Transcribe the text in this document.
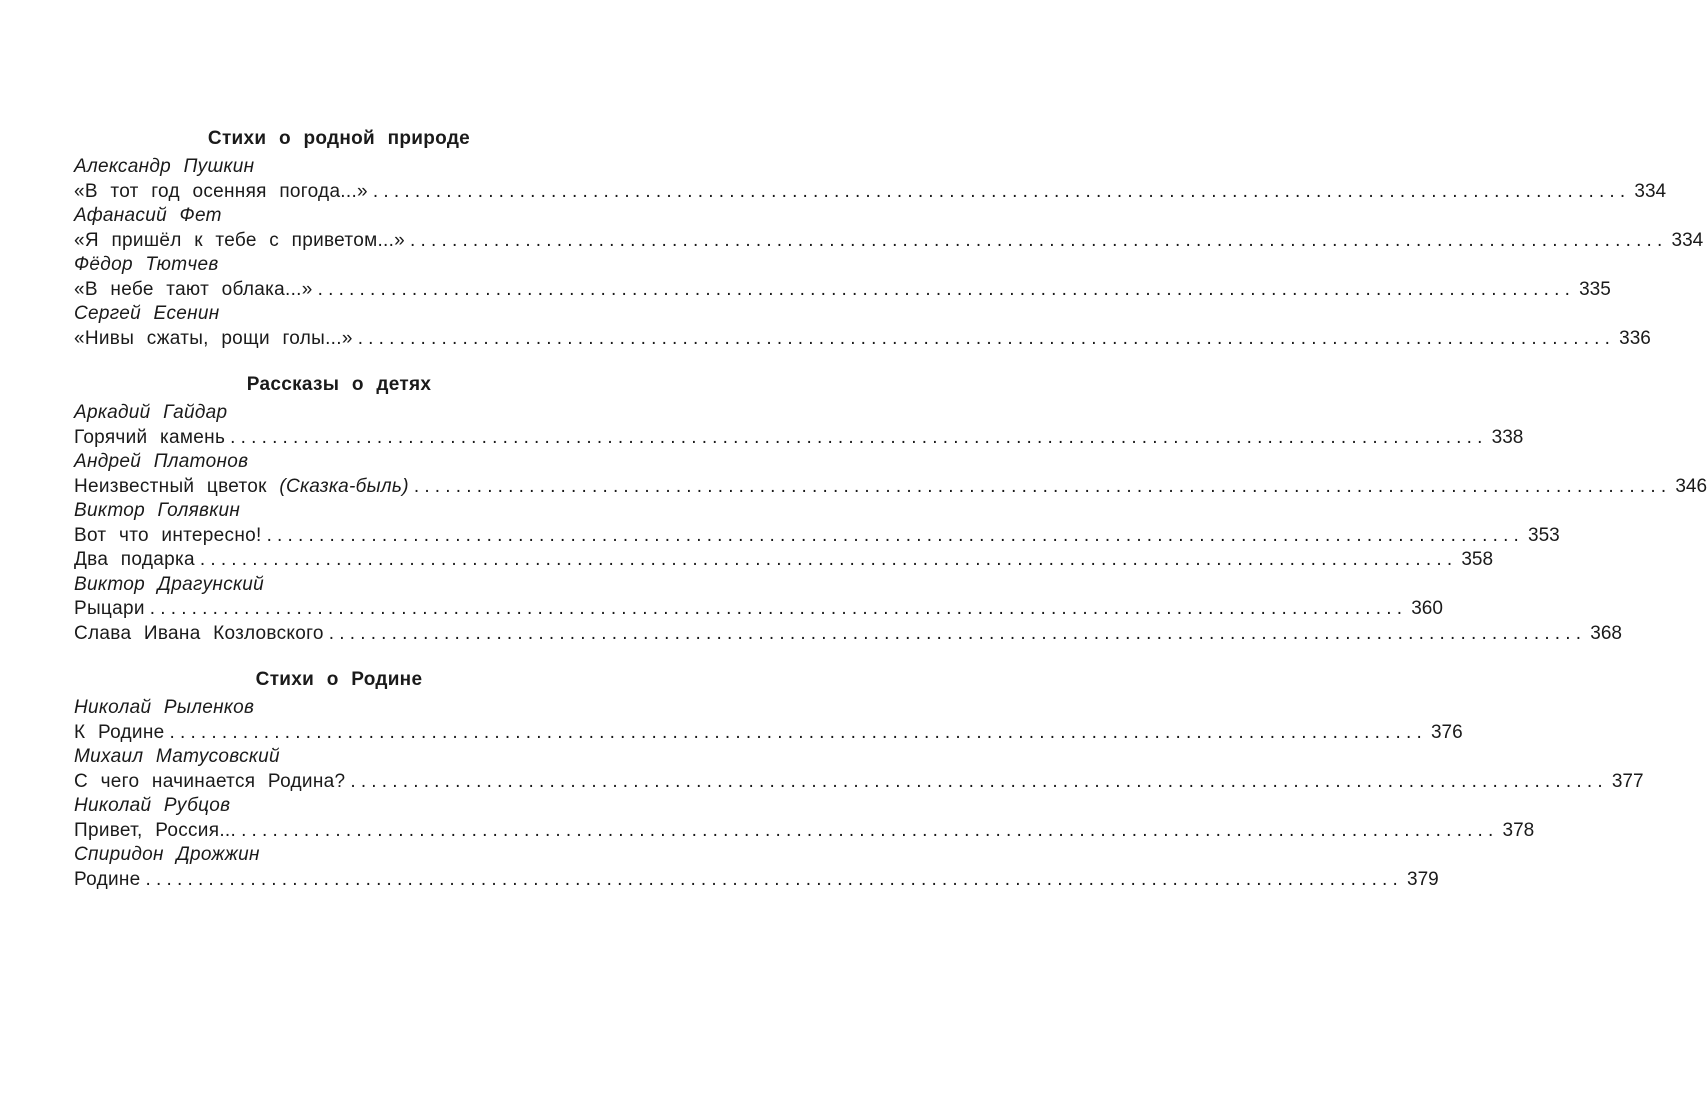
Стихи о родной природе
Александр Пушкин
«В тот год осенняя погода...» ........................................................................................................................ 334
Афанасий Фет
«Я пришёл к тебе с приветом...» ........................................................................................................................ 334
Фёдор Тютчев
«В небе тают облака...» ........................................................................................................................ 335
Сергей Есенин
«Нивы сжаты, рощи голы...» ........................................................................................................................ 336
Рассказы о детях
Аркадий Гайдар
Горячий камень ........................................................................................................................ 338
Андрей Платонов
Неизвестный цветок (Сказка-быль) ........................................................................................................................ 346
Виктор Голявкин
Вот что интересно! ........................................................................................................................ 353
Два подарка ........................................................................................................................ 358
Виктор Драгунский
Рыцари ........................................................................................................................ 360
Слава Ивана Козловского ........................................................................................................................ 368
Стихи о Родине
Николай Рыленков
К Родине ........................................................................................................................ 376
Михаил Матусовский
С чего начинается Родина? ........................................................................................................................ 377
Николай Рубцов
Привет, Россия... ........................................................................................................................ 378
Спиридон Дрожжин
Родине ........................................................................................................................ 379
